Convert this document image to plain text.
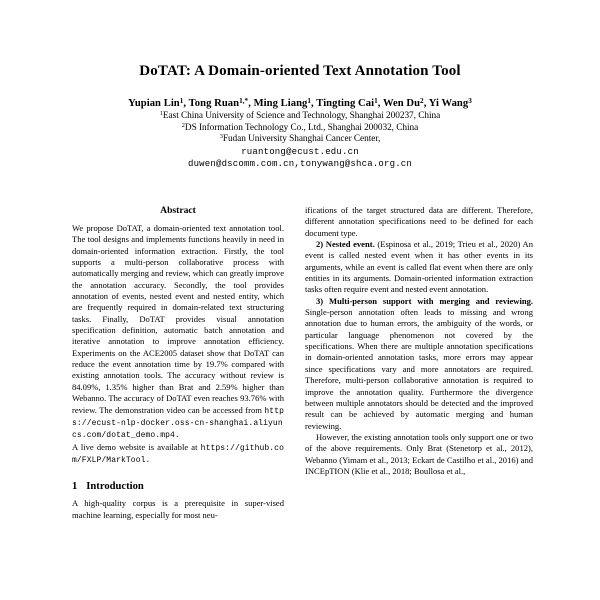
DoTAT: A Domain-oriented Text Annotation Tool
Yupian Lin$^1$, Tong Ruan$^{1,*}$, Ming Liang$^1$, Tingting Cai$^1$, Wen Du$^2$, Yi Wang$^3$
$^1$East China University of Science and Technology, Shanghai 200237, China
$^2$DS Information Technology Co., Ltd., Shanghai 200032, China
$^3$Fudan University Shanghai Cancer Center,
ruantong@ecust.edu.cn
duwen@dscomm.com.cn,tonywang@shca.org.cn
Abstract

We propose DoTAT, a domain-oriented text annotation tool. The tool designs and implements functions heavily in need in domain-oriented information extraction. Firstly, the tool supports a multi-person collaborative process with automatically merging and review, which can greatly improve the annotation accuracy. Secondly, the tool provides annotation of events, nested event and nested entity, which are frequently required in domain-related text structuring tasks. Finally, DoTAT provides visual annotation specification definition, automatic batch annotation and iterative annotation to improve annotation efficiency. Experiments on the ACE2005 dataset show that DoTAT can reduce the event annotation time by 19.7% compared with existing annotation tools. The accuracy without review is 84.09%, 1.35% higher than Brat and 2.59% higher than Webanno. The accuracy of DoTAT even reaches 93.76% with review. The demonstration video can be accessed from https://ecust-nlp-docker.oss-cn-shanghai.aliyuncs.com/dotat_demo.mp4.

A live demo website is available at https://github.com/FXLP/MarkTool.

1 Introduction

A high-quality corpus is a prerequisite in super-vised machine learning, especially for most neu-

ifications of the target structured data are different. Therefore, different annotation specifications need to be defined for each document type.

2) Nested event. (Espinosa et al., 2019; Trieu et al., 2020) An event is called nested event when it has other events in its arguments, while an event is called flat event when there are only entities in its arguments. Domain-oriented information extraction tasks often require event and nested event annotation.

3) Multi-person support with merging and reviewing. Single-person annotation often leads to missing and wrong annotation due to human errors, the ambiguity of the words, or particular language phenomenon not covered by the specifications. When there are multiple annotation specifications in domain-oriented annotation tasks, more errors may appear since specifications vary and more annotators are required. Therefore, multi-person collaborative annotation is required to improve the annotation quality. Furthermore the divergence between multiple annotators should be detected and the improved result can be achieved by automatic merging and human reviewing.

However, the existing annotation tools only support one or two of the above requirements. Only Brat (Stenetorp et al., 2012), Webanno (Yimam et al., 2013; Eckart de Castilho et al., 2016) and INCEpTION (Klie et al., 2018; Boullosa et al.,
